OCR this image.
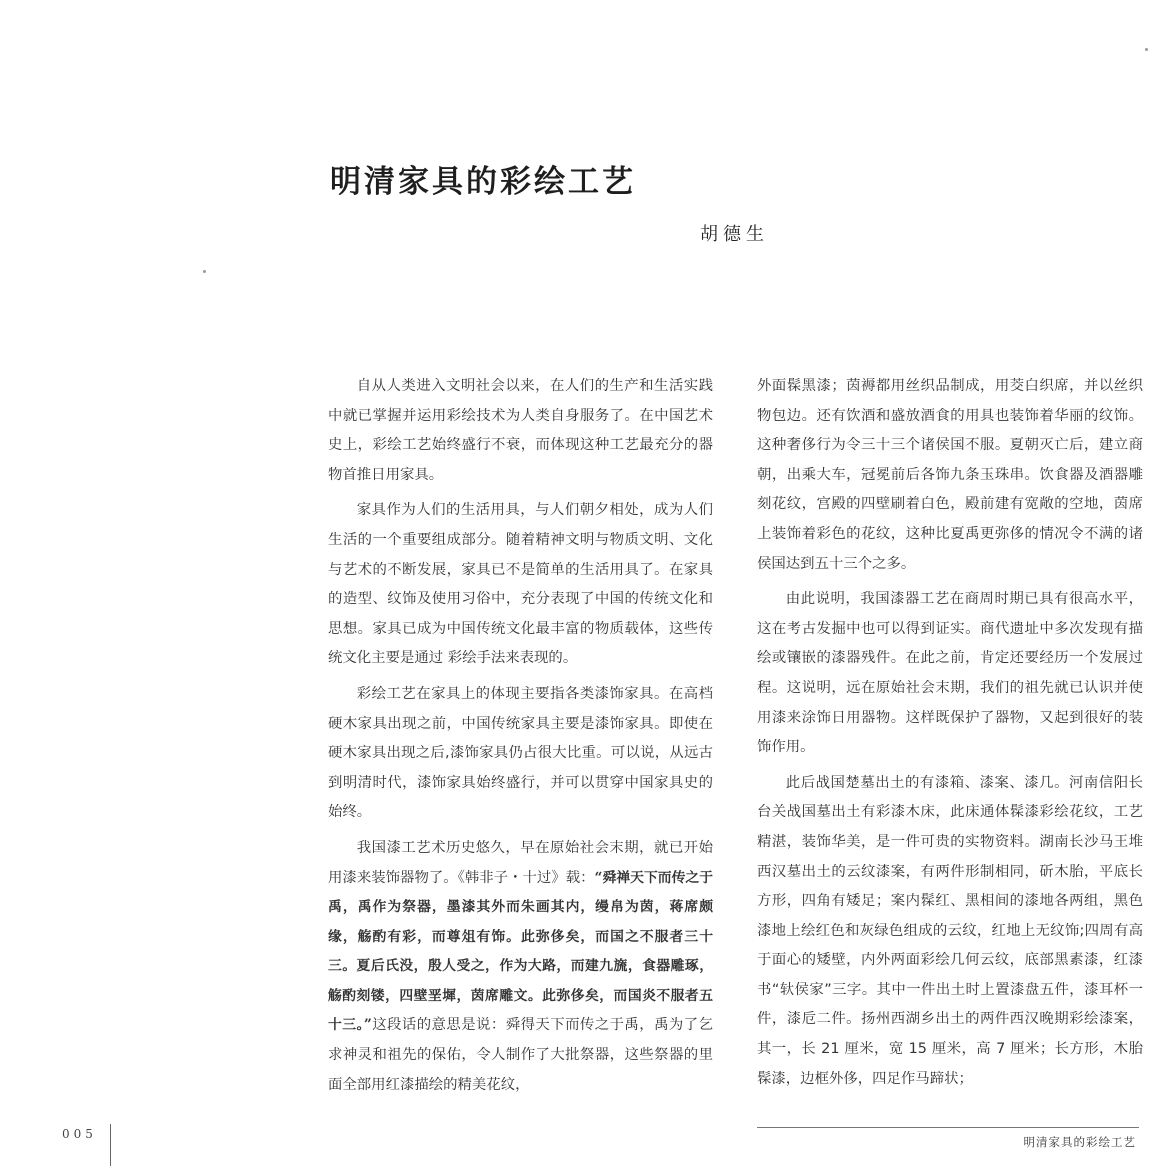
明清家具的彩绘工艺
胡德生

自从人类进入文明社会以来，在人们的生产和生活实践中就已掌握并运用彩绘技术为人类自身服务了。在中国艺术史上，彩绘工艺始终盛行不衰，而体现这种工艺最充分的器物首推日用家具。

家具作为人们的生活用具，与人们朝夕相处，成为人们生活的一个重要组成部分。随着精神文明与物质文明、文化与艺术的不断发展，家具已不是简单的生活用具了。在家具的造型、纹饰及使用习俗中，充分表现了中国的传统文化和思想。家具已成为中国传统文化最丰富的物质载体，这些传统文化主要是通过 彩绘手法来表现的。

彩绘工艺在家具上的体现主要指各类漆饰家具。在高档硬木家具出现之前，中国传统家具主要是漆饰家具。即使在硬木家具出现之后,漆饰家具仍占很大比重。可以说，从远古到明清时代，漆饰家具始终盛行，并可以贯穿中国家具史的始终。

我国漆工艺术历史悠久，早在原始社会末期，就已开始用漆来装饰器物了。《韩非子・十过》载：“舜禅天下而传之于禹，禹作为祭器，墨漆其外而朱画其内，缦帛为茵，蒋席颇缘，觞酌有彩，而尊俎有饰。此弥侈矣，而国之不服者三十三。夏后氏没，殷人受之，作为大路，而建九旒，食器雕琢，觞酌刻镂，四壁垩墀，茵席雕文。此弥侈矣，而国炎不服者五十三。”这段话的意思是说：舜得天下而传之于禹，禹为了乞求神灵和祖先的保佑，令人制作了大批祭器，这些祭器的里面全部用红漆描绘的精美花纹，

外面髹黑漆；茵褥都用丝织品制成，用茭白织席，并以丝织物包边。还有饮酒和盛放酒食的用具也装饰着华丽的纹饰。这种奢侈行为令三十三个诸侯国不服。夏朝灭亡后，建立商朝，出乘大车，冠冕前后各饰九条玉珠串。饮食器及酒器雕刻花纹，宫殿的四壁刷着白色，殿前建有宽敞的空地，茵席上装饰着彩色的花纹，这种比夏禹更弥侈的情况令不满的诸侯国达到五十三个之多。

由此说明，我国漆器工艺在商周时期已具有很高水平，这在考古发掘中也可以得到证实。商代遗址中多次发现有描绘或镶嵌的漆器残件。在此之前，肯定还要经历一个发展过程。这说明，远在原始社会末期，我们的祖先就已认识并使用漆来涂饰日用器物。这样既保护了器物，又起到很好的装饰作用。

此后战国楚墓出土的有漆箱、漆案、漆几。河南信阳长台关战国墓出土有彩漆木床，此床通体髹漆彩绘花纹，工艺精湛，装饰华美，是一件可贵的实物资料。湖南长沙马王堆西汉墓出土的云纹漆案，有两件形制相同，斫木胎，平底长方形，四角有矮足；案内髹红、黑相间的漆地各两组，黑色漆地上绘红色和灰绿色组成的云纹，红地上无纹饰;四周有高于面心的矮壁，内外两面彩绘几何云纹，底部黑素漆，红漆书“轪侯家”三字。其中一件出土时上置漆盘五件，漆耳杯一件，漆卮二件。扬州西湖乡出土的两件西汉晚期彩绘漆案，其一，长 21 厘米，宽 15 厘米，高 7 厘米；长方形，木胎髹漆，边框外侈，四足作马蹄状；

005
明清家具的彩绘工艺
